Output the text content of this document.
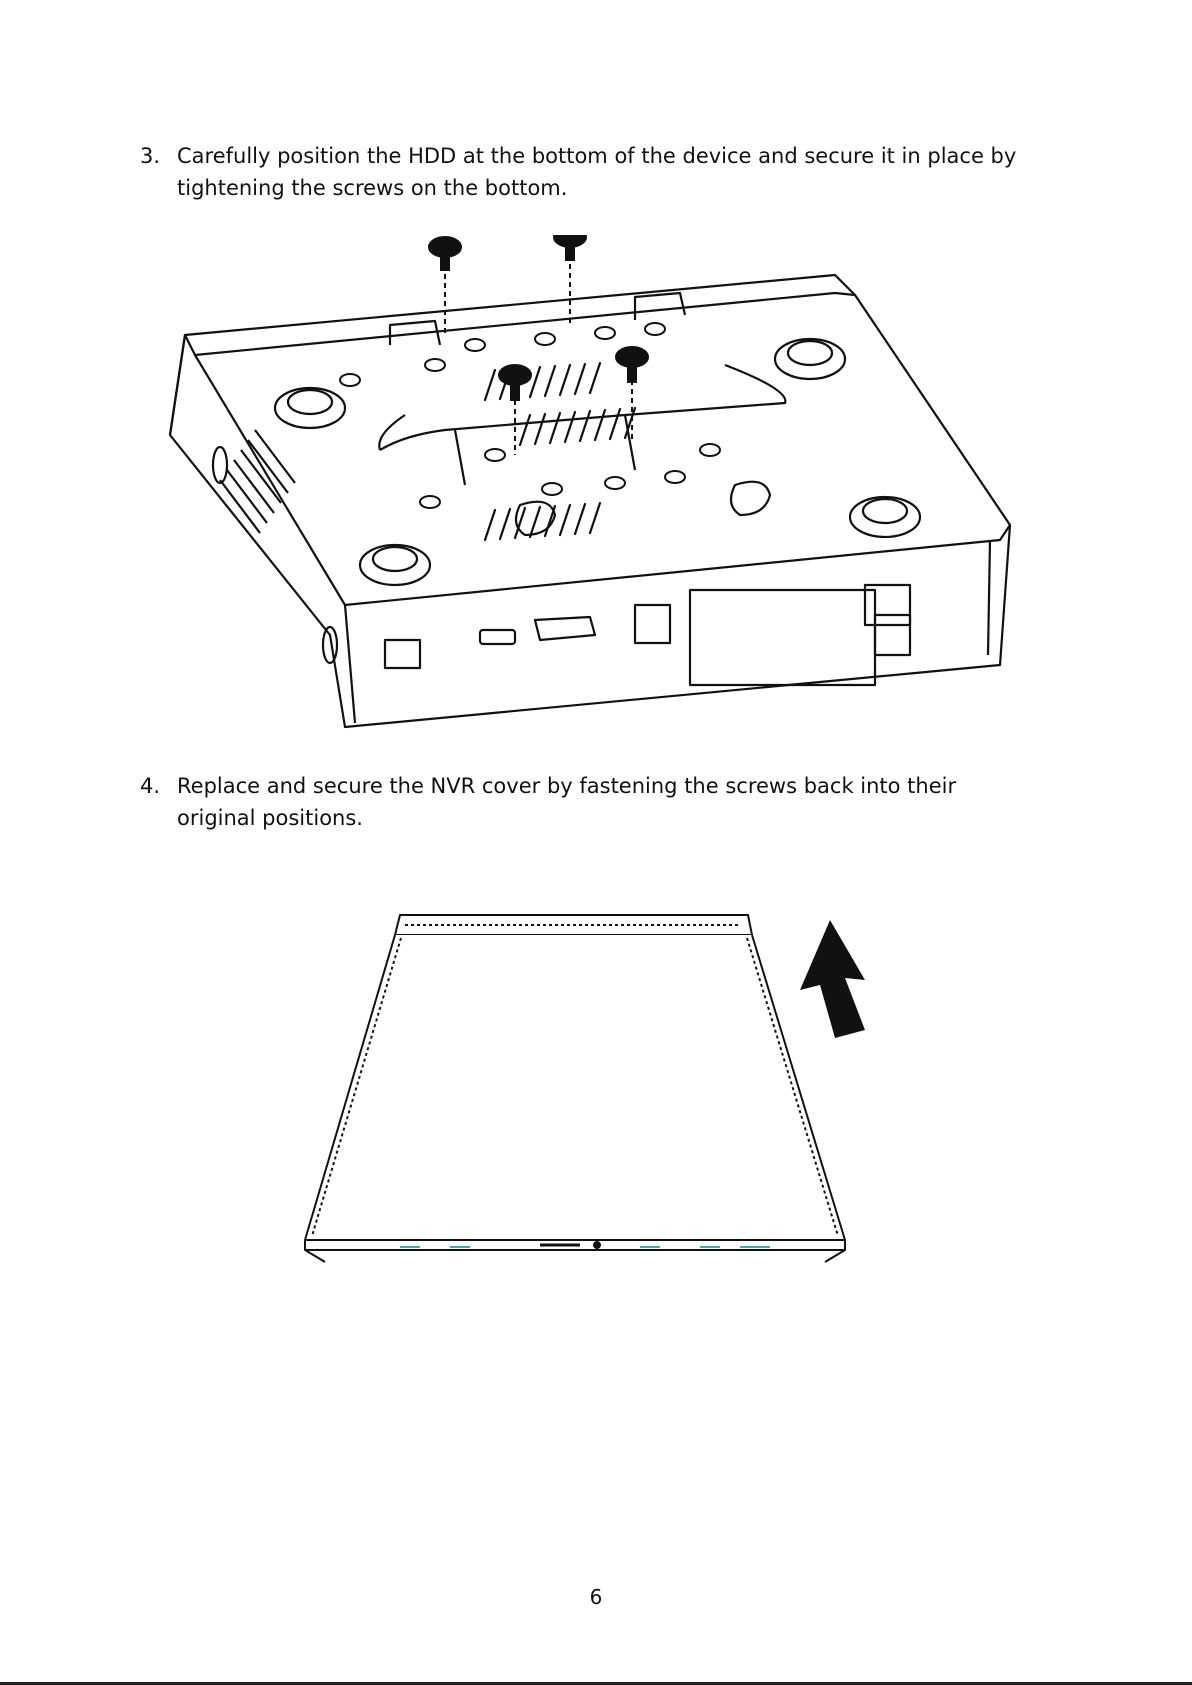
3. Carefully position the HDD at the bottom of the device and secure it in place by tightening the screws on the bottom.
4. Replace and secure the NVR cover by fastening the screws back into their original positions.
6
